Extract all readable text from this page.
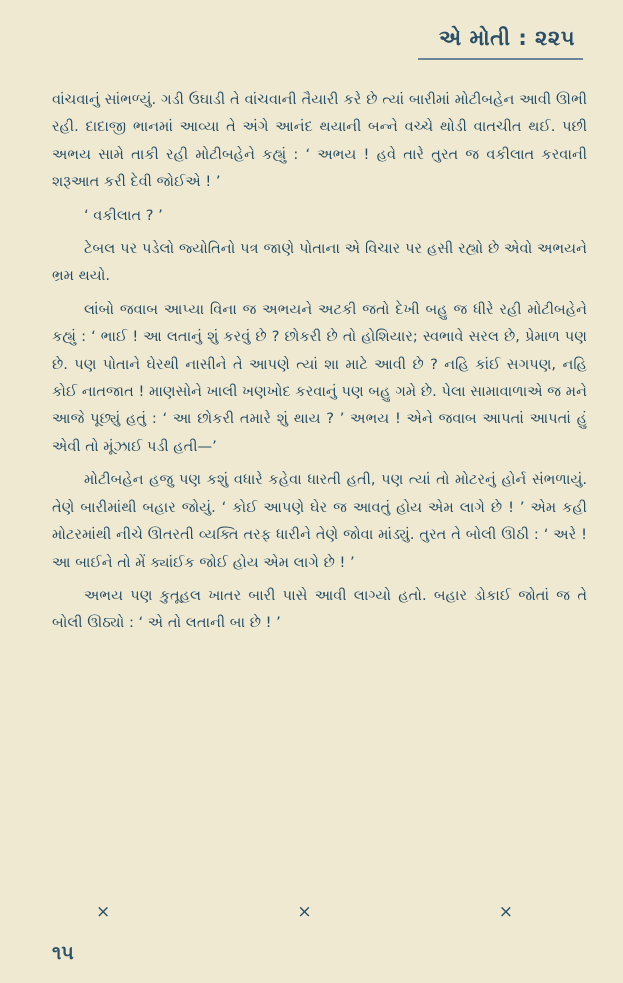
એ મોતી : ૨૨૫

વાંચવાનું સાંભળ્યું. ગડી ઉઘાડી તે વાંચવાની તૈયારી કરે છે ત્યાં બારીમાં મોટીબહેન આવી ઊભી રહી. દાદાજી ભાનમાં આવ્યા તે અંગે આનંદ થયાની બન્ને વચ્ચે થોડી વાતચીત થઈ. પછી અભય સામે તાકી રહી મોટીબહેને કહ્યું : ‘ અભય ! હવે તારે તુરત જ વકીલાત કરવાની શરૂઆત કરી દેવી જોઈએ ! ’

‘ વકીલાત ? ’

ટેબલ પર પડેલો જ્યોતિનો પત્ર જાણે પોતાના એ વિચાર પર હસી રહ્યો છે એવો અભયને ભ્રમ થયો.

લાંબો જવાબ આપ્યા વિના જ અભયને અટકી જતો દેખી બહુ જ ધીરે રહી મોટીબહેને કહ્યું : ‘ ભાઈ ! આ લતાનું શું કરવું છે ? છોકરી છે તો હોશિયાર; સ્વભાવે સરલ છે, પ્રેમાળ પણ છે. પણ પોતાને ઘેરથી નાસીને તે આપણે ત્યાં શા માટે આવી છે ? નહિ કાંઈ સગપણ, નહિ કોઈ નાતજાત ! માણસોને ખાલી ખણખોદ કરવાનું પણ બહુ ગમે છે. પેલા સામાવાળાએ જ મને આજે પૂછ્યું હતું : ‘ આ છોકરી તમારે શું થાય ? ’ અભય ! એને જવાબ આપતાં આપતાં હું એવી તો મૂંઝાઈ પડી હતી—’

મોટીબહેન હજુ પણ કશું વધારે કહેવા ધારતી હતી, પણ ત્યાં તો મોટરનું હોર્ન સંભળાયું. તેણે બારીમાંથી બહાર જોયું. ‘ કોઈ આપણે ઘેર જ આવતું હોય એમ લાગે છે ! ’ એમ કહી મોટરમાંથી નીચે ઊતરતી વ્યક્તિ તરફ ધારીને તેણે જોવા માંડ્યું. તુરત તે બોલી ઊઠી : ‘ અરે ! આ બાઈને તો મેં ક્યાંઈક જોઈ હોય એમ લાગે છે ! ’

અભય પણ કુતૂહલ ખાતર બારી પાસે આવી લાગ્યો હતો. બહાર ડોકાઈ જોતાં જ તે બોલી ઊઠ્યો : ‘ એ તો લતાની બા છે ! ’

×	×	×
૧૫
